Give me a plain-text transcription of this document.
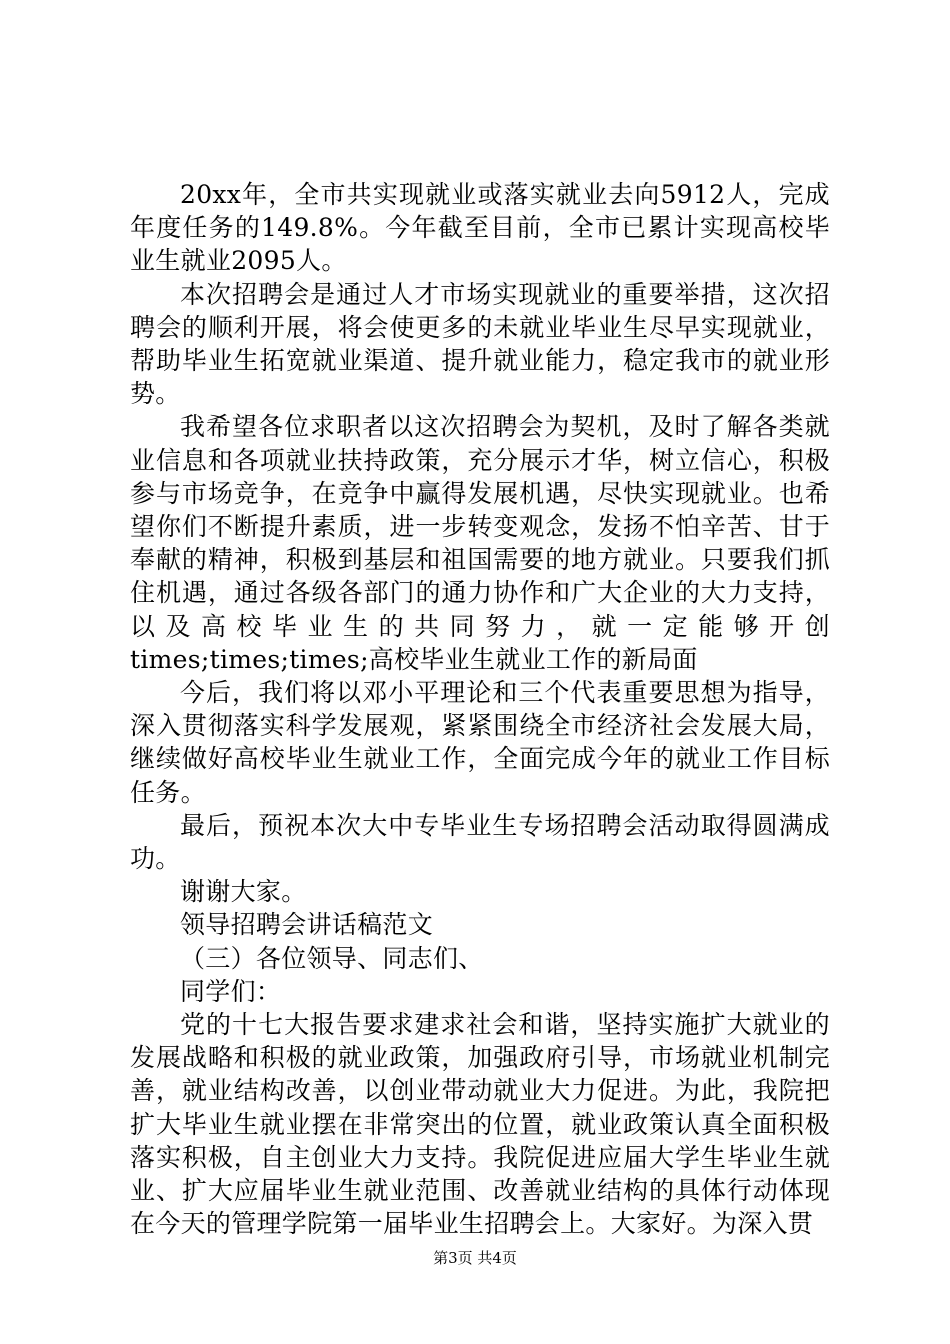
20xx年，全市共实现就业或落实就业去向5912人，完成年度任务的149.8%。今年截至目前，全市已累计实现高校毕业生就业2095人。

本次招聘会是通过人才市场实现就业的重要举措，这次招聘会的顺利开展，将会使更多的未就业毕业生尽早实现就业，帮助毕业生拓宽就业渠道、提升就业能力，稳定我市的就业形势。

我希望各位求职者以这次招聘会为契机，及时了解各类就业信息和各项就业扶持政策，充分展示才华，树立信心，积极参与市场竞争，在竞争中赢得发展机遇，尽快实现就业。也希望你们不断提升素质，进一步转变观念，发扬不怕辛苦、甘于奉献的精神，积极到基层和祖国需要的地方就业。只要我们抓住机遇，通过各级各部门的通力协作和广大企业的大力支持，以及高校毕业生的共同努力，就一定能够开创

times;times;times;高校毕业生就业工作的新局面

今后，我们将以邓小平理论和三个代表重要思想为指导，深入贯彻落实科学发展观，紧紧围绕全市经济社会发展大局，继续做好高校毕业生就业工作，全面完成今年的就业工作目标任务。

最后，预祝本次大中专毕业生专场招聘会活动取得圆满成功。

谢谢大家。

领导招聘会讲话稿范文

（三）各位领导、同志们、

同学们：

党的十七大报告要求建求社会和谐，坚持实施扩大就业的发展战略和积极的就业政策，加强政府引导，市场就业机制完善，就业结构改善，以创业带动就业大力促进。为此，我院把扩大毕业生就业摆在非常突出的位置，就业政策认真全面积极落实积极，自主创业大力支持。我院促进应届大学生毕业生就业、扩大应届毕业生就业范围、改善就业结构的具体行动体现在今天的管理学院第一届毕业生招聘会上。大家好。为深入贯

第3页 共4页
